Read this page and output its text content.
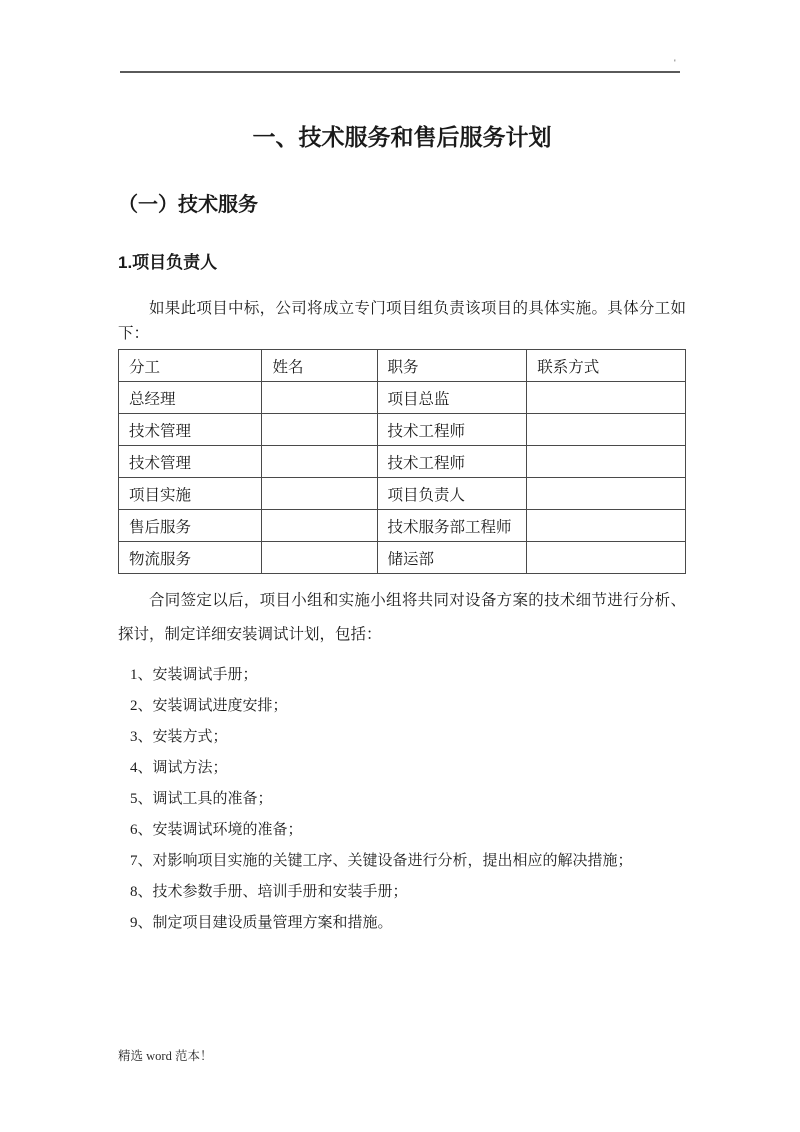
'
一、技术服务和售后服务计划
（一）技术服务
1.项目负责人

如果此项目中标，公司将成立专门项目组负责该项目的具体实施。具体分工如下：

分工	姓名	职务	联系方式
总经理		项目总监	
技术管理		技术工程师	
技术管理		技术工程师	
项目实施		项目负责人	
售后服务		技术服务部工程师	
物流服务		储运部	

合同签定以后，项目小组和实施小组将共同对设备方案的技术细节进行分析、探讨，制定详细安装调试计划，包括：

1、安装调试手册；
2、安装调试进度安排；
3、安装方式；
4、调试方法；
5、调试工具的准备；
6、安装调试环境的准备；
7、对影响项目实施的关键工序、关键设备进行分析，提出相应的解决措施；
8、技术参数手册、培训手册和安装手册；
9、制定项目建设质量管理方案和措施。
精选 word 范本！
